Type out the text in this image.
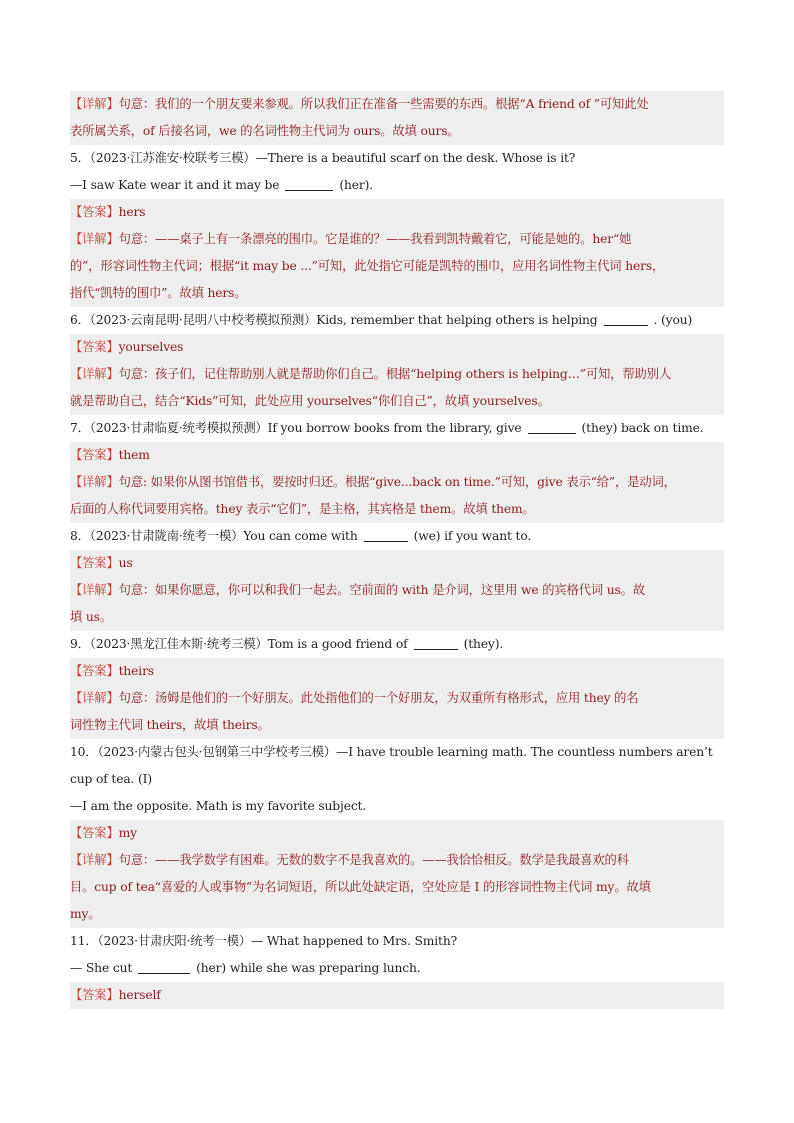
【详解】句意：我们的一个朋友要来参观。所以我们正在准备一些需要的东西。根据“A friend of ”可知此处
表所属关系，of 后接名词，we 的名词性物主代词为 ours。故填 ours。
5．（2023·江苏淮安·校联考三模）—There is a beautiful scarf on the desk. Whose is it?
—I saw Kate wear it and it may be	(her).
【答案】hers
【详解】句意：——桌子上有一条漂亮的围巾。它是谁的？——我看到凯特戴着它，可能是她的。her“她
的”，形容词性物主代词；根据“it may be ...”可知，此处指它可能是凯特的围巾，应用名词性物主代词 hers，
指代“凯特的围巾”。故填 hers。
6．（2023·云南昆明·昆明八中校考模拟预测）Kids, remember that helping others is helping	. (you)
【答案】yourselves
【详解】句意：孩子们，记住帮助别人就是帮助你们自己。根据“helping others is helping…”可知，帮助别人
就是帮助自己，结合“Kids”可知，此处应用 yourselves“你们自己”，故填 yourselves。
7．（2023·甘肃临夏·统考模拟预测）If you borrow books from the library, give	(they) back on time.
【答案】them
【详解】句意: 如果你从图书馆借书，要按时归还。根据“give...back on time.”可知，give 表示“给”，是动词，
后面的人称代词要用宾格。they 表示“它们”，是主格，其宾格是 them。故填 them。
8．（2023·甘肃陇南·统考一模）You can come with	(we) if you want to.
【答案】us
【详解】句意：如果你愿意，你可以和我们一起去。空前面的 with 是介词，这里用 we 的宾格代词 us。故
填 us。
9．（2023·黑龙江佳木斯·统考三模）Tom is a good friend of	(they).
【答案】theirs
【详解】句意：汤姆是他们的一个好朋友。此处指他们的一个好朋友，为双重所有格形式，应用 they 的名
词性物主代词 theirs，故填 theirs。
10．（2023·内蒙古包头·包钢第三中学校考三模）—I have trouble learning math. The countless numbers aren’t
cup of tea. (I)
—I am the opposite. Math is my favorite subject.
【答案】my
【详解】句意：——我学数学有困难。无数的数字不是我喜欢的。——我恰恰相反。数学是我最喜欢的科
目。cup of tea“喜爱的人或事物”为名词短语，所以此处缺定语，空处应是 I 的形容词性物主代词 my。故填
my。
11．（2023·甘肃庆阳·统考一模）— What happened to Mrs. Smith?
— She cut	(her) while she was preparing lunch.
【答案】herself
